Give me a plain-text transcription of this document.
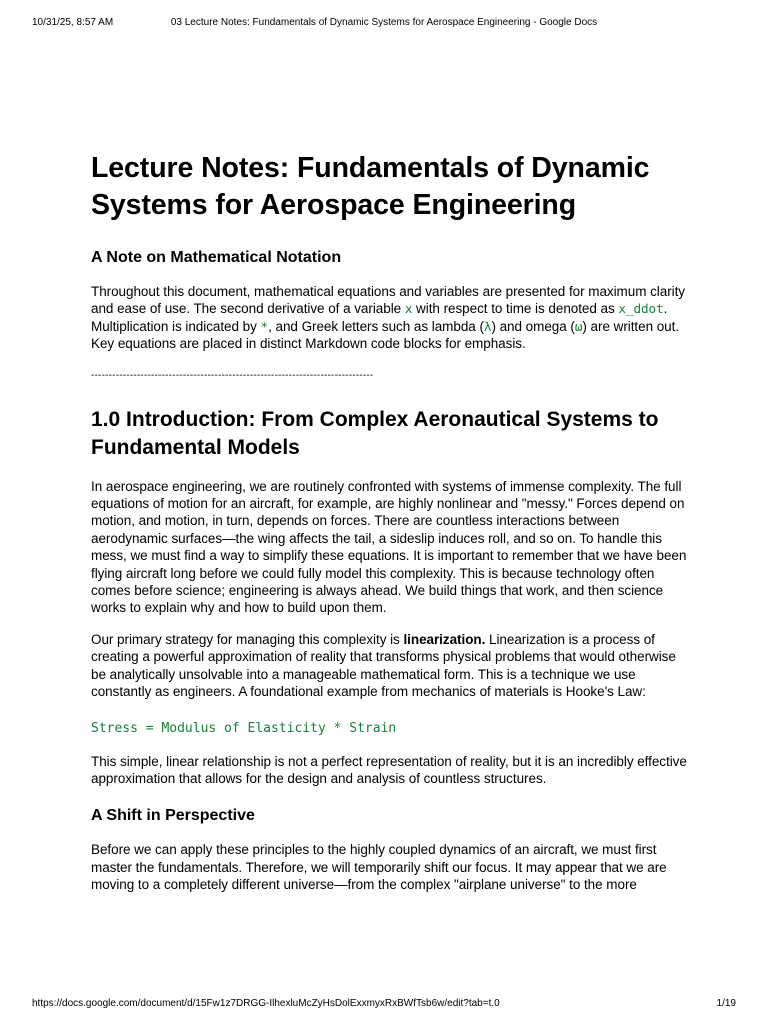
10/31/25, 8:57 AM	03 Lecture Notes: Fundamentals of Dynamic Systems for Aerospace Engineering - Google Docs
Lecture Notes: Fundamentals of Dynamic
Systems for Aerospace Engineering
A Note on Mathematical Notation

Throughout this document, mathematical equations and variables are presented for maximum clarity and ease of use. The second derivative of a variable x with respect to time is denoted as x_ddot. Multiplication is indicated by *, and Greek letters such as lambda (λ) and omega (ω) are written out. Key equations are placed in distinct Markdown code blocks for emphasis.

--------------------------------------------------------------------------------

1.0 Introduction: From Complex Aeronautical Systems to
Fundamental Models

In aerospace engineering, we are routinely confronted with systems of immense complexity. The full equations of motion for an aircraft, for example, are highly nonlinear and "messy." Forces depend on motion, and motion, in turn, depends on forces. There are countless interactions between aerodynamic surfaces—the wing affects the tail, a sideslip induces roll, and so on. To handle this mess, we must find a way to simplify these equations. It is important to remember that we have been flying aircraft long before we could fully model this complexity. This is because technology often comes before science; engineering is always ahead. We build things that work, and then science works to explain why and how to build upon them.

Our primary strategy for managing this complexity is linearization. Linearization is a process of creating a powerful approximation of reality that transforms physical problems that would otherwise be analytically unsolvable into a manageable mathematical form. This is a technique we use constantly as engineers. A foundational example from mechanics of materials is Hooke's Law:

Stress = Modulus of Elasticity * Strain

This simple, linear relationship is not a perfect representation of reality, but it is an incredibly effective approximation that allows for the design and analysis of countless structures.

A Shift in Perspective

Before we can apply these principles to the highly coupled dynamics of an aircraft, we must first master the fundamentals. Therefore, we will temporarily shift our focus. It may appear that we are moving to a completely different universe—from the complex "airplane universe" to the more

https://docs.google.com/document/d/15Fw1z7DRGG-IlhexluMcZyHsDolExxmyxRxBWfTsb6w/edit?tab=t.0	1/19
